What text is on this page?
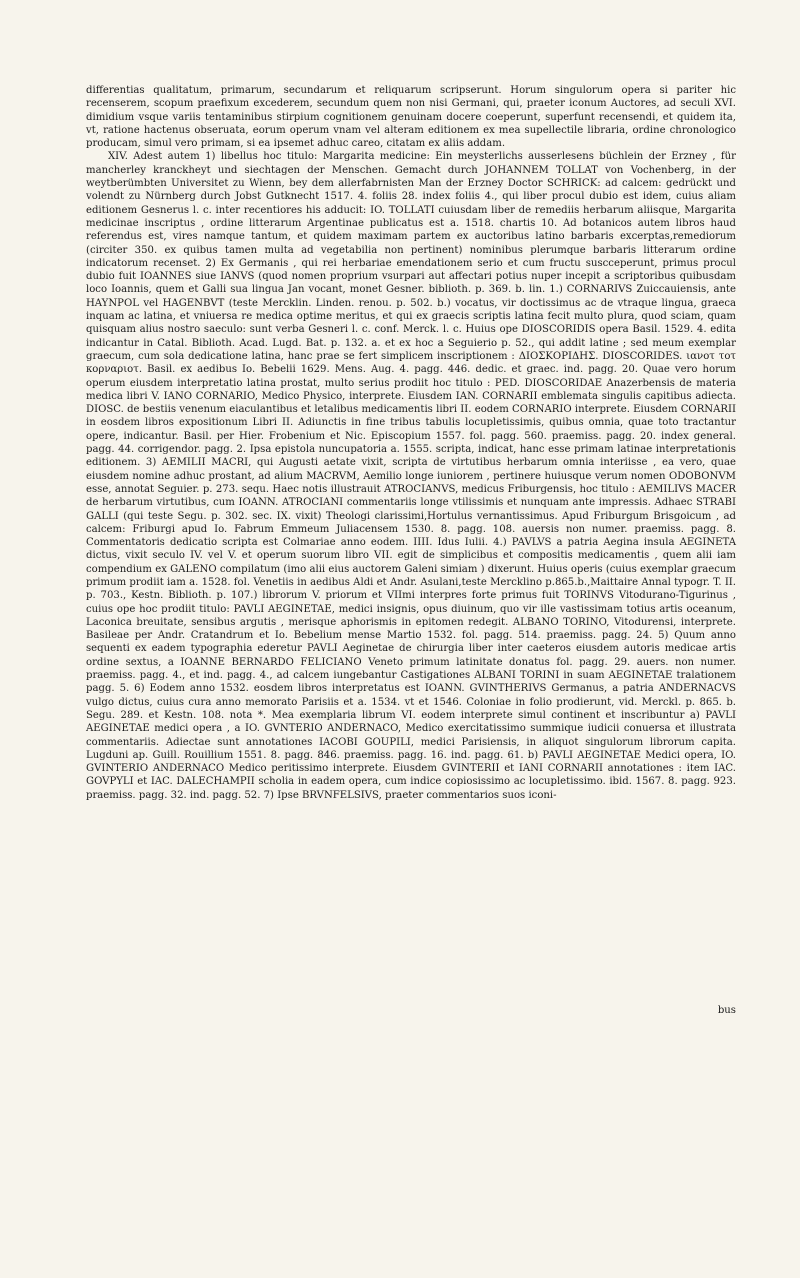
differentias qualitatum, primarum, secundarum et reliquarum scripserunt. Horum singulorum opera si pariter hic recenserem, scopum praefixum excederem, secundum quem non nisi Germani, qui, praeter iconum Auctores, ad seculi XVI. dimidium vsque variis tentaminibus stirpium cognitionem genuinam docere coeperunt, superfunt recensendi, et quidem ita, vt, ratione hactenus obseruata, eorum operum vnam vel alteram editionem ex mea supellectile libraria, ordine chronologico producam, simul vero primam, si ea ipsemet adhuc careo, citatam ex aliis addam.

XIV. Adest autem 1) libellus hoc titulo: Margarita medicine: Ein meysterlichs ausserlesens büchlein der Erzney , für mancherley kranckheyt und siechtagen der Menschen. Gemacht durch JOHANNEM TOLLAT von Vochenberg, in der weytberümbten Universitet zu Wienn, bey dem allerfabrnisten Man der Erzney Doctor SCHRICK: ad calcem: gedrückt und volendt zu Nürnberg durch Jobst Gutknecht 1517. 4. foliis 28. index foliis 4., qui liber procul dubio est idem, cuius aliam editionem Gesnerus l. c. inter recentiores his adducit: IO. TOLLATI cuiusdam liber de remediis herbarum aliisque, Margarita medicinae inscriptus , ordine litterarum Argentinae publicatus est a. 1518. chartis 10. Ad botanicos autem libros haud referendus est, vires namque tantum, et quidem maximam partem ex auctoribus latino barbaris excerptas,remediorum (circiter 350. ex quibus tamen multa ad vegetabilia non pertinent) nominibus plerumque barbaris litterarum ordine indicatorum recenset. 2) Ex Germanis , qui rei herbariae emendationem serio et cum fructu suscceperunt, primus procul dubio fuit IOANNES siue IANVS (quod nomen proprium vsurpari aut affectari potius nuper incepit a scriptoribus quibusdam loco Ioannis, quem et Galli sua lingua Jan vocant, monet Gesner. biblioth. p. 369. b. lin. 1.) CORNARIVS Zuiccauiensis, ante HAYNPOL vel HAGENBVT (teste Mercklin. Linden. renou. p. 502. b.) vocatus, vir doctissimus ac de vtraque lingua, graeca inquam ac latina, et vniuersa re medica optime meritus, et qui ex graecis scriptis latina fecit multo plura, quod sciam, quam quisquam alius nostro saeculo: sunt verba Gesneri l. c. conf. Merck. l. c. Huius ope DIOSCORIDIS opera Basil. 1529. 4. edita indicantur in Catal. Biblioth. Acad. Lugd. Bat. p. 132. a. et ex hoc a Seguierio p. 52., qui addit latine ; sed meum exemplar graecum, cum sola dedicatione latina, hanc prae se fert simplicem inscriptionem : ΔΙΟΣΚΟΡΙΔΗΣ. DIOSCORIDES. ιανοτ τοτ κορναριοτ. Basil. ex aedibus Io. Bebelii 1629. Mens. Aug. 4. pagg. 446. dedic. et graec. ind. pagg. 20. Quae vero horum operum eiusdem interpretatio latina prostat, multo serius prodiit hoc titulo : PED. DIOSCORIDAE Anazerbensis de materia medica libri V. IANO CORNARIO, Medico Physico, interprete. Eiusdem IAN. CORNARII emblemata singulis capitibus adiecta. DIOSC. de bestiis venenum eiaculantibus et letalibus medicamentis libri II. eodem CORNARIO interprete. Eiusdem CORNARII in eosdem libros expositionum Libri II. Adiunctis in fine tribus tabulis locupletissimis, quibus omnia, quae toto tractantur opere, indicantur. Basil. per Hier. Frobenium et Nic. Episcopium 1557. fol. pagg. 560. praemiss. pagg. 20. index general. pagg. 44. corrigendor. pagg. 2. Ipsa epistola nuncupatoria a. 1555. scripta, indicat, hanc esse primam latinae interpretationis editionem. 3) AEMILII MACRI, qui Augusti aetate vixit, scripta de virtutibus herbarum omnia interiisse , ea vero, quae eiusdem nomine adhuc prostant, ad alium MACRVM, Aemilio longe iuniorem , pertinere huiusque verum nomen ODOBONVM esse, annotat Seguier. p. 273. sequ. Haec notis illustrauit ATROCIANVS, medicus Friburgensis, hoc titulo : AEMILIVS MACER de herbarum virtutibus, cum IOANN. ATROCIANI commentariis longe vtilissimis et nunquam ante impressis. Adhaec STRABI GALLI (qui teste Segu. p. 302. sec. IX. vixit) Theologi clarissimi,Hortulus vernantissimus. Apud Friburgum Brisgoicum , ad calcem: Friburgi apud Io. Fabrum Emmeum Juliacensem 1530. 8. pagg. 108. auersis non numer. praemiss. pagg. 8. Commentatoris dedicatio scripta est Colmariae anno eodem. IIII. Idus Iulii. 4.) PAVLVS a patria Aegina insula AEGINETA dictus, vixit seculo IV. vel V. et operum suorum libro VII. egit de simplicibus et compositis medicamentis , quem alii iam compendium ex GALENO compilatum (imo alii eius auctorem Galeni simiam ) dixerunt. Huius operis (cuius exemplar graecum primum prodiit iam a. 1528. fol. Venetiis in aedibus Aldi et Andr. Asulani,teste Mercklino p.865.b.,Maittaire Annal typogr. T. II. p. 703., Kestn. Biblioth. p. 107.) librorum V. priorum et VIImi interpres forte primus fuit TORINVS Vitodurano-Tigurinus , cuius ope hoc prodiit titulo: PAVLI AEGINETAE, medici insignis, opus diuinum, quo vir ille vastissimam totius artis oceanum, Laconica breuitate, sensibus argutis , merisque aphorismis in epitomen redegit. ALBANO TORINO, Vitodurensi, interprete. Basileae per Andr. Cratandrum et Io. Bebelium mense Martio 1532. fol. pagg. 514. praemiss. pagg. 24. 5) Quum anno sequenti ex eadem typographia ederetur PAVLI Aeginetae de chirurgia liber inter caeteros eiusdem autoris medicae artis ordine sextus, a IOANNE BERNARDO FELICIANO Veneto primum latinitate donatus fol. pagg. 29. auers. non numer. praemiss. pagg. 4., et ind. pagg. 4., ad calcem iungebantur Castigationes ALBANI TORINI in suam AEGINETAE tralationem pagg. 5. 6) Eodem anno 1532. eosdem libros interpretatus est IOANN. GVINTHERIVS Germanus, a patria ANDERNACVS vulgo dictus, cuius cura anno memorato Parisiis et a. 1534. vt et 1546. Coloniae in folio prodierunt, vid. Merckl. p. 865. b. Segu. 289. et Kestn. 108. nota *. Mea exemplaria librum VI. eodem interprete simul continent et inscribuntur a) PAVLI AEGINETAE medici opera , a IO. GVNTERIO ANDERNACO, Medico exercitatissimo summique iudicii conuersa et illustrata commentariis. Adiectae sunt annotationes IACOBI GOUPILI, medici Parisiensis, in aliquot singulorum librorum capita. Lugduni ap. Guill. Rouillium 1551. 8. pagg. 846. praemiss. pagg. 16. ind. pagg. 61. b) PAVLI AEGINETAE Medici opera, IO. GVINTERIO ANDERNACO Medico peritissimo interprete. Eiusdem GVINTERII et IANI CORNARII annotationes : item IAC. GOVPYLI et IAC. DALECHAMPII scholia in eadem opera, cum indice copiosissimo ac locupletissimo. ibid. 1567. 8. pagg. 923. praemiss. pagg. 32. ind. pagg. 52. 7) Ipse BRVNFELSIVS, praeter commentarios suos iconi-

bus
